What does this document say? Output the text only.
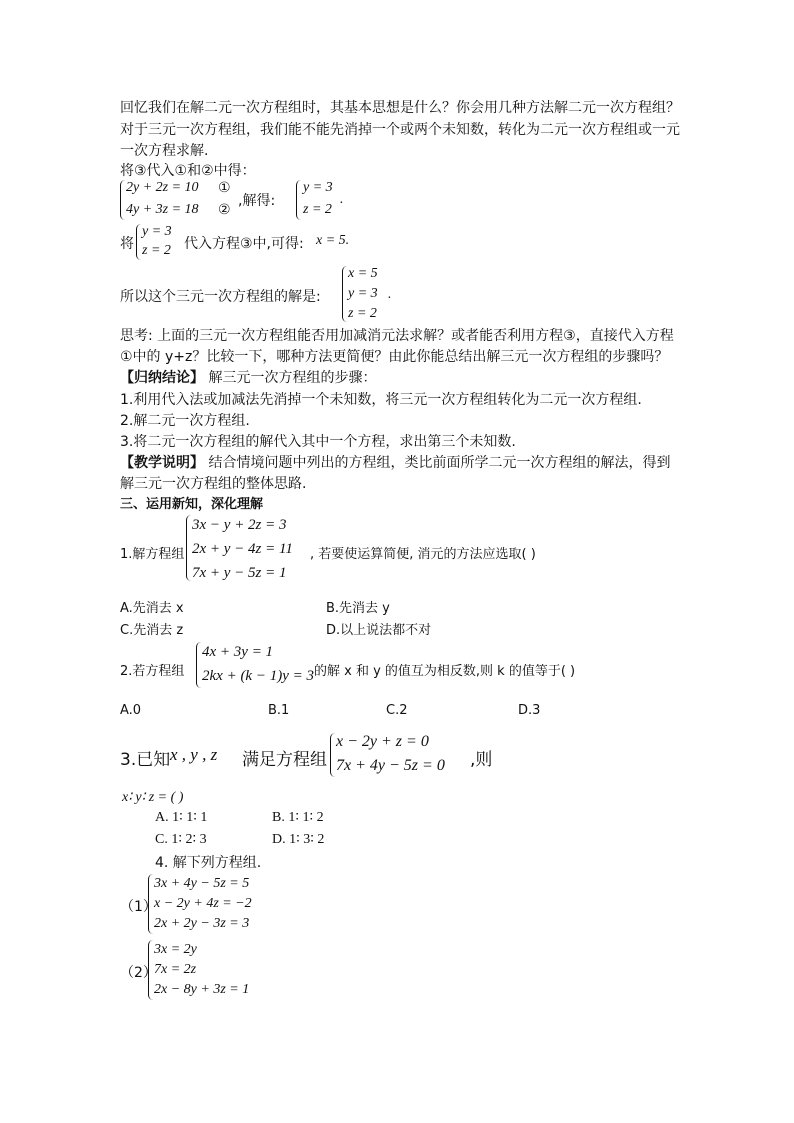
回忆我们在解二元一次方程组时，其基本思想是什么？你会用几种方法解二元一次方程组？
对于三元一次方程组，我们能不能先消掉一个或两个未知数，转化为二元一次方程组或一元
一次方程求解.
将③代入①和②中得：
2y + 2z = 10 ①
4y + 3z = 18 ②
,解得:
y = 3
z = 2
.
将
y = 3
z = 2 代入方程③中,可得: x = 5.
所以这个三元一次方程组的解是:
x = 5
y = 3
z = 2
.
思考: 上面的三元一次方程组能否用加减消元法求解？或者能否利用方程③，直接代入方程
①中的 y+z？比较一下，哪种方法更简便？由此你能总结出解三元一次方程组的步骤吗？
【归纳结论】 解三元一次方程组的步骤：
1.利用代入法或加减法先消掉一个未知数，将三元一次方程组转化为二元一次方程组.
2.解二元一次方程组.
3.将二元一次方程组的解代入其中一个方程，求出第三个未知数.
【教学说明】 结合情境问题中列出的方程组，类比前面所学二元一次方程组的解法，得到
解三元一次方程组的整体思路.
三、运用新知，深化理解
1.解方程组
3x − y + 2z = 3
2x + y − 4z = 11
7x + y − 5z = 1
, 若要使运算简便, 消元的方法应选取( )
A.先消去 x	B.先消去 y
C.先消去 z	D.以上说法都不对
2.若方程组
4x + 3y = 1
2kx + (k − 1)y = 3 的解 x 和 y 的值互为相反数,则 k 的值等于( )
A.0	B.1	C.2	D.3
3.已知 x , y , z 满足方程组
x − 2y + z = 0
7x + 4y − 5z = 0 ,则
x∶ y∶ z = ( )
A. 1∶ 1∶ 1	B. 1∶ 1∶ 2
C. 1∶ 2∶ 3	D. 1∶ 3∶ 2
4. 解下列方程组.
（1）
3x + 4y − 5z = 5
x − 2y + 4z = −2
2x + 2y − 3z = 3
（2）
3x = 2y
7x = 2z
2x − 8y + 3z = 1
